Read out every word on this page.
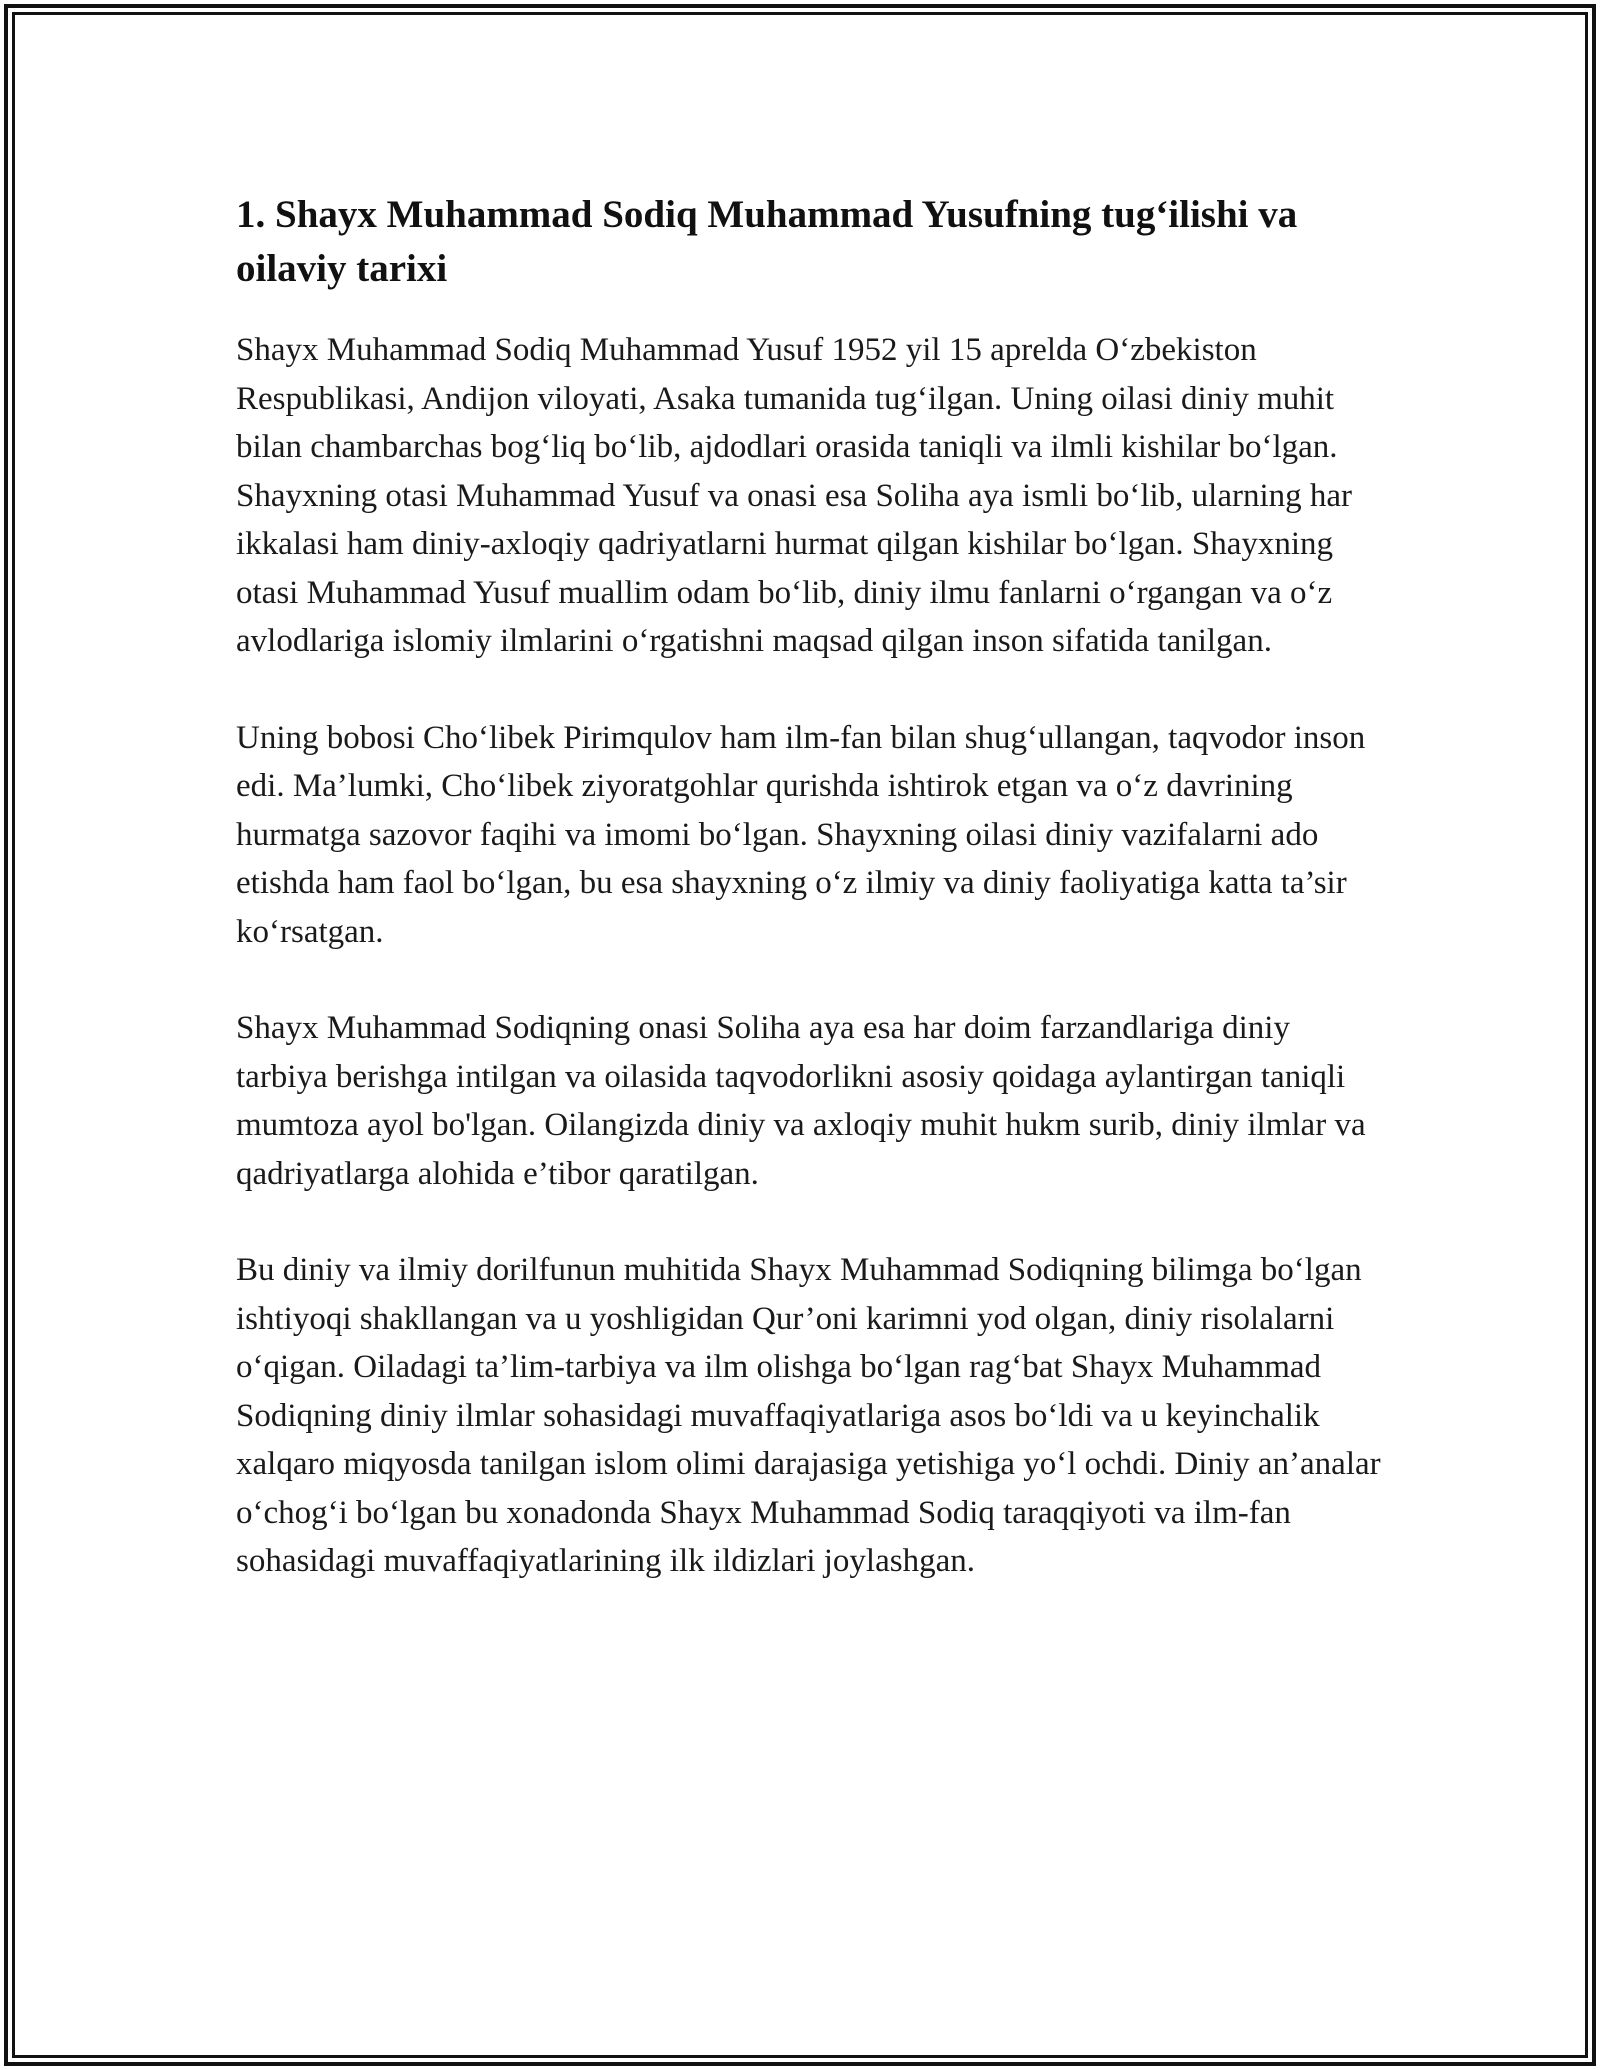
1. Shayx Muhammad Sodiq Muhammad Yusufning tug‘ilishi va oilaviy tarixi

Shayx Muhammad Sodiq Muhammad Yusuf 1952 yil 15 aprelda O‘zbekiston Respublikasi, Andijon viloyati, Asaka tumanida tug‘ilgan. Uning oilasi diniy muhit bilan chambarchas bog‘liq bo‘lib, ajdodlari orasida taniqli va ilmli kishilar bo‘lgan. Shayxning otasi Muhammad Yusuf va onasi esa Soliha aya ismli bo‘lib, ularning har ikkalasi ham diniy-axloqiy qadriyatlarni hurmat qilgan kishilar bo‘lgan. Shayxning otasi Muhammad Yusuf muallim odam bo‘lib, diniy ilmu fanlarni o‘rgangan va o‘z avlodlariga islomiy ilmlarini o‘rgatishni maqsad qilgan inson sifatida tanilgan.

Uning bobosi Cho‘libek Pirimqulov ham ilm-fan bilan shug‘ullangan, taqvodor inson edi. Ma’lumki, Cho‘libek ziyoratgohlar qurishda ishtirok etgan va o‘z davrining hurmatga sazovor faqihi va imomi bo‘lgan. Shayxning oilasi diniy vazifalarni ado etishda ham faol bo‘lgan, bu esa shayxning o‘z ilmiy va diniy faoliyatiga katta ta’sir ko‘rsatgan.

Shayx Muhammad Sodiqning onasi Soliha aya esa har doim farzandlariga diniy tarbiya berishga intilgan va oilasida taqvodorlikni asosiy qoidaga aylantirgan taniqli mumtoza ayol bo'lgan. Oilangizda diniy va axloqiy muhit hukm surib, diniy ilmlar va qadriyatlarga alohida e’tibor qaratilgan.

Bu diniy va ilmiy dorilfunun muhitida Shayx Muhammad Sodiqning bilimga bo‘lgan ishtiyoqi shakllangan va u yoshligidan Qur’oni karimni yod olgan, diniy risolalarni o‘qigan. Oiladagi ta’lim-tarbiya va ilm olishga bo‘lgan rag‘bat Shayx Muhammad Sodiqning diniy ilmlar sohasidagi muvaffaqiyatlariga asos bo‘ldi va u keyinchalik xalqaro miqyosda tanilgan islom olimi darajasiga yetishiga yo‘l ochdi. Diniy an’analar o‘chog‘i bo‘lgan bu xonadonda Shayx Muhammad Sodiq taraqqiyoti va ilm-fan sohasidagi muvaffaqiyatlarining ilk ildizlari joylashgan.
